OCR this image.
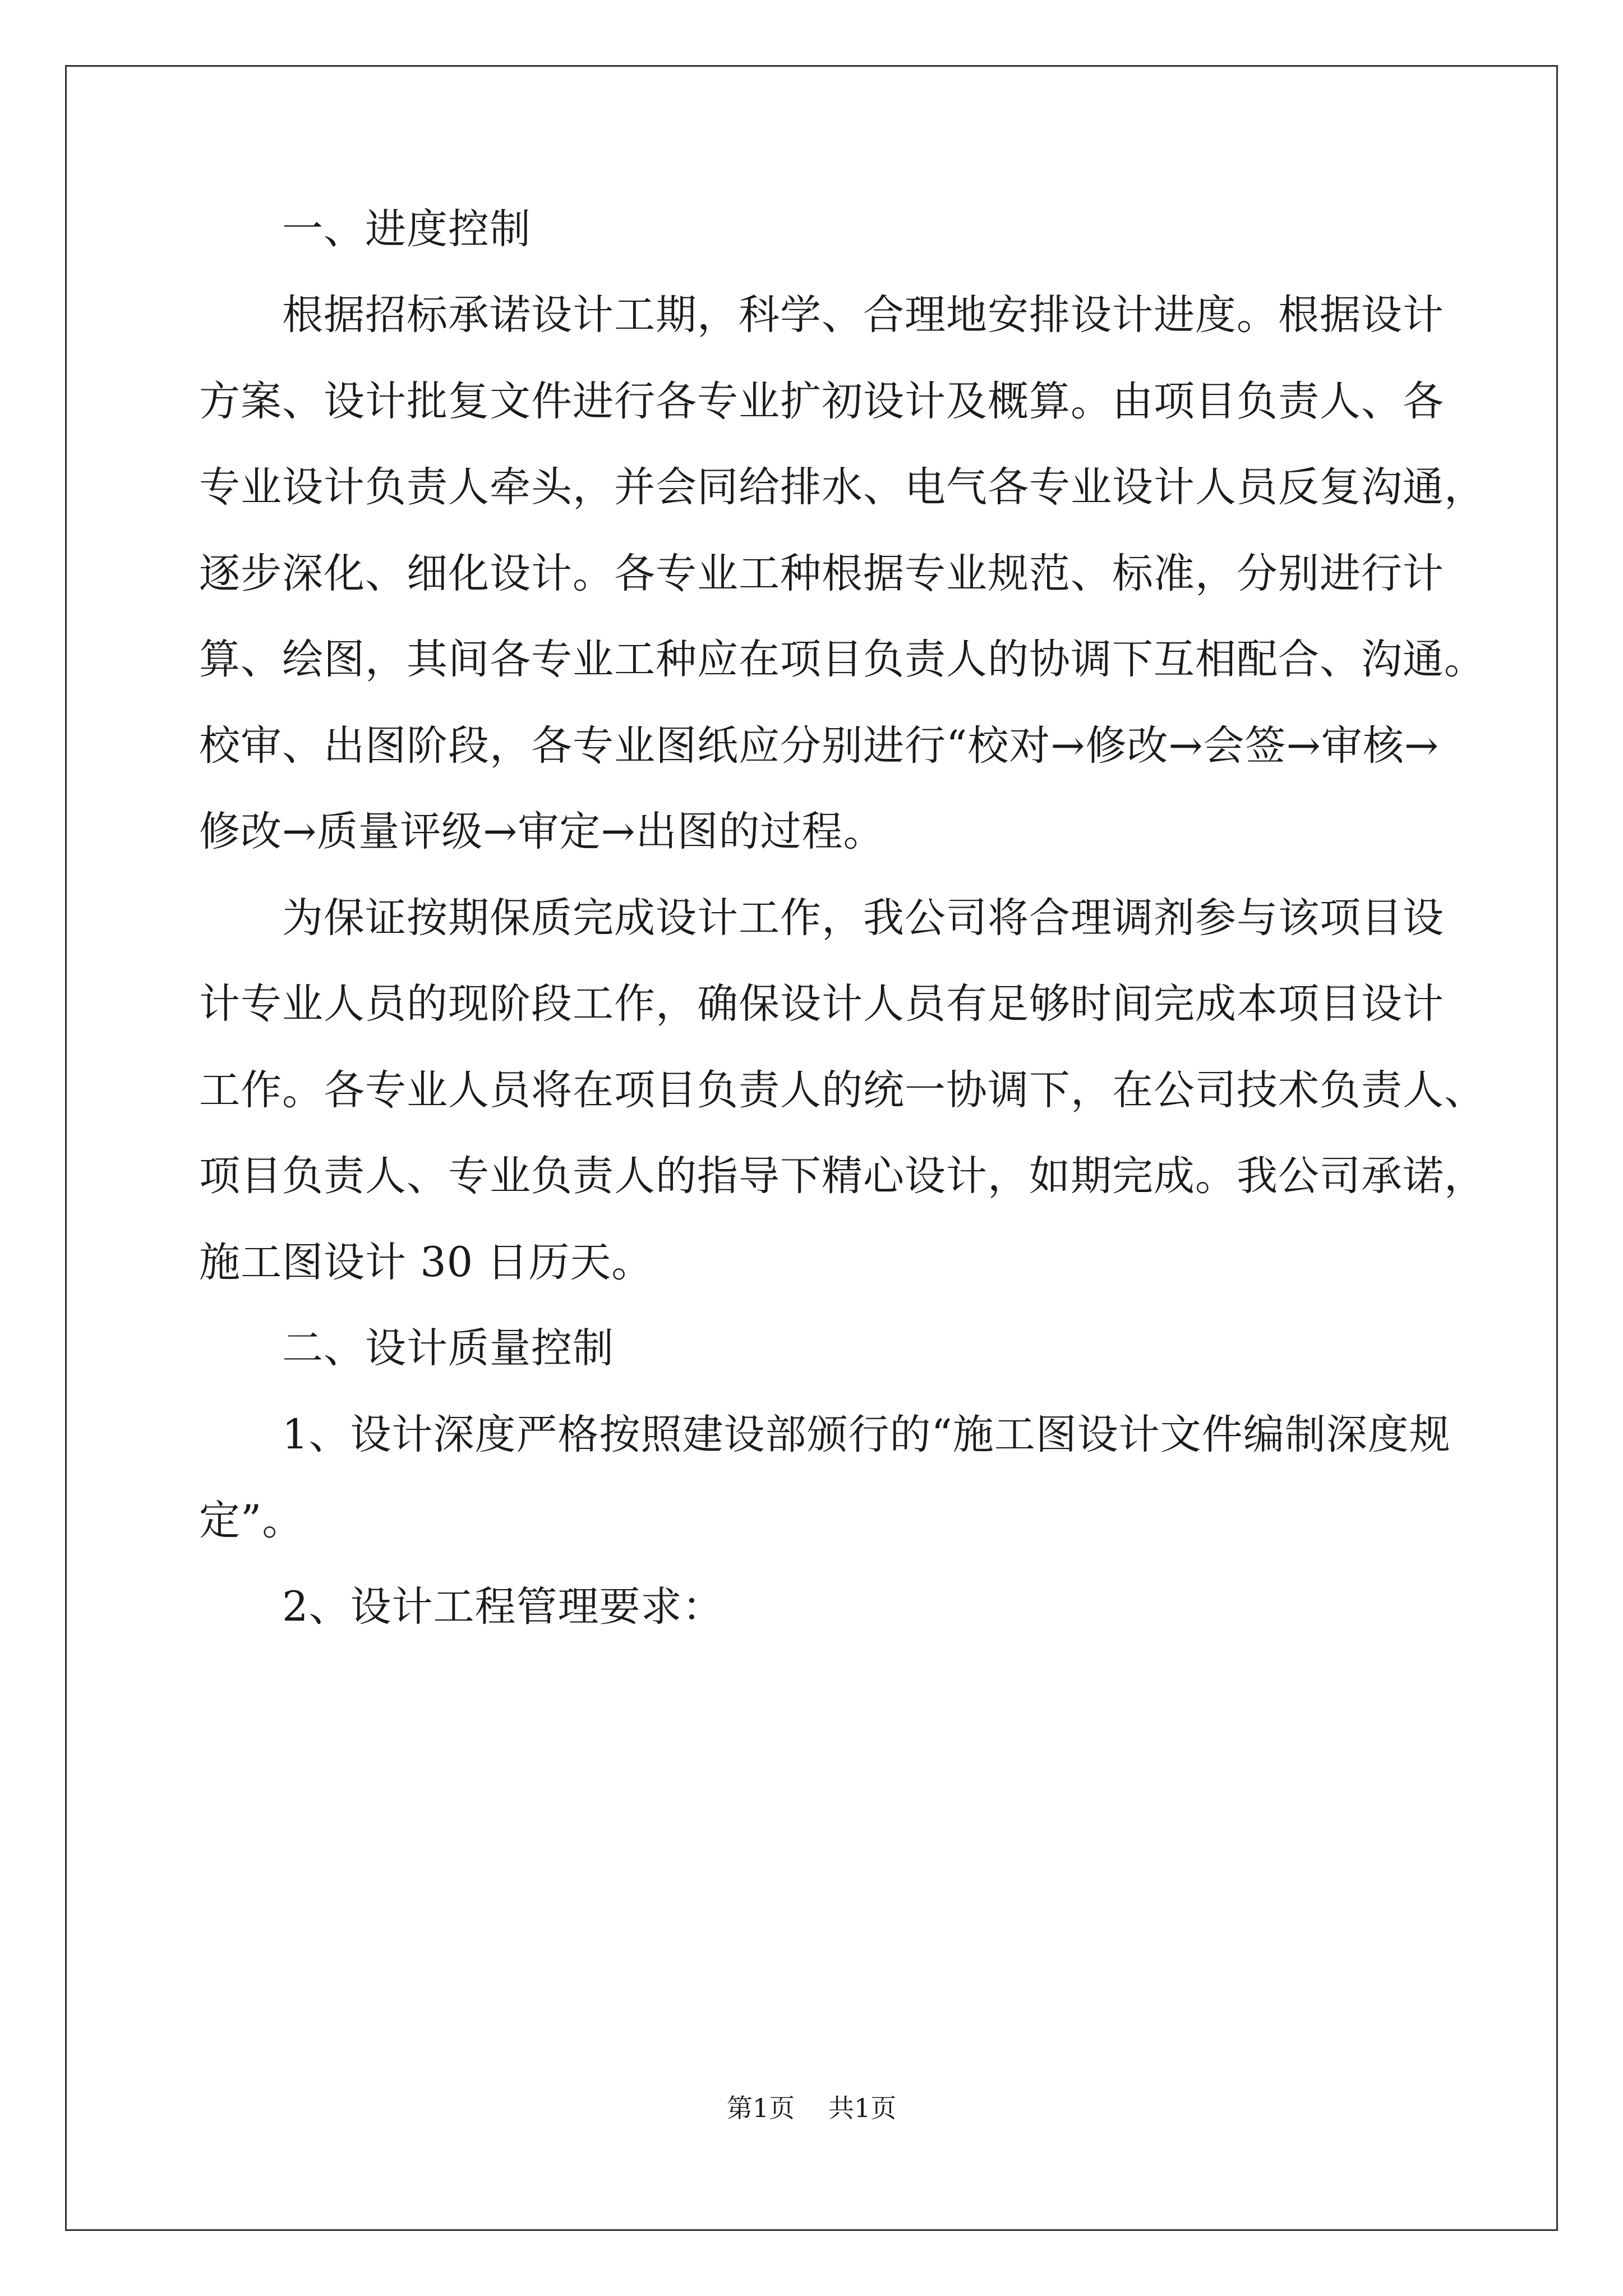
一、进度控制

根据招标承诺设计工期，科学、合理地安排设计进度。根据设计

方案、设计批复文件进行各专业扩初设计及概算。由项目负责人、各

专业设计负责人牵头，并会同给排水、电气各专业设计人员反复沟通，

逐步深化、细化设计。各专业工种根据专业规范、标准，分别进行计

算、绘图，其间各专业工种应在项目负责人的协调下互相配合、沟通。

校审、出图阶段，各专业图纸应分别进行“校对→修改→会签→审核→

修改→质量评级→审定→出图的过程。

为保证按期保质完成设计工作，我公司将合理调剂参与该项目设

计专业人员的现阶段工作，确保设计人员有足够时间完成本项目设计

工作。各专业人员将在项目负责人的统一协调下，在公司技术负责人、

项目负责人、专业负责人的指导下精心设计，如期完成。我公司承诺，

施工图设计 30 日历天。

二、设计质量控制

1、设计深度严格按照建设部颁行的“施工图设计文件编制深度规

定”。

2、设计工程管理要求：

第1页 共1页
